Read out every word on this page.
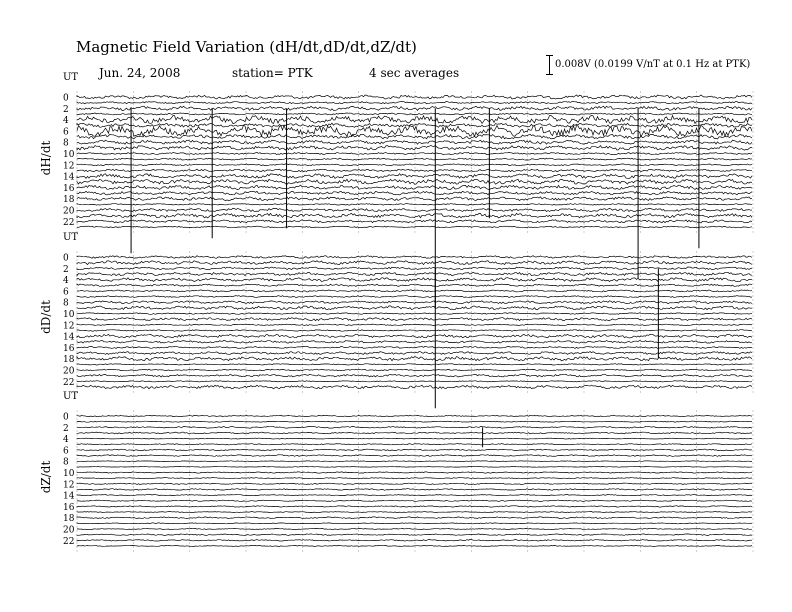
Magnetic Field Variation (dH/dt,dD/dt,dZ/dt)
Jun. 24, 2008	station= PTK	4 sec averages
0.008V (0.0199 V/nT at 0.1 Hz at PTK)
UT
dH/dt
0
2
4
6
8
10
12
14
16
18
20
22
UT
dD/dt
0
2
4
6
8
10
12
14
16
18
20
22
UT
dZ/dt
0
2
4
6
8
10
12
14
16
18
20
22
